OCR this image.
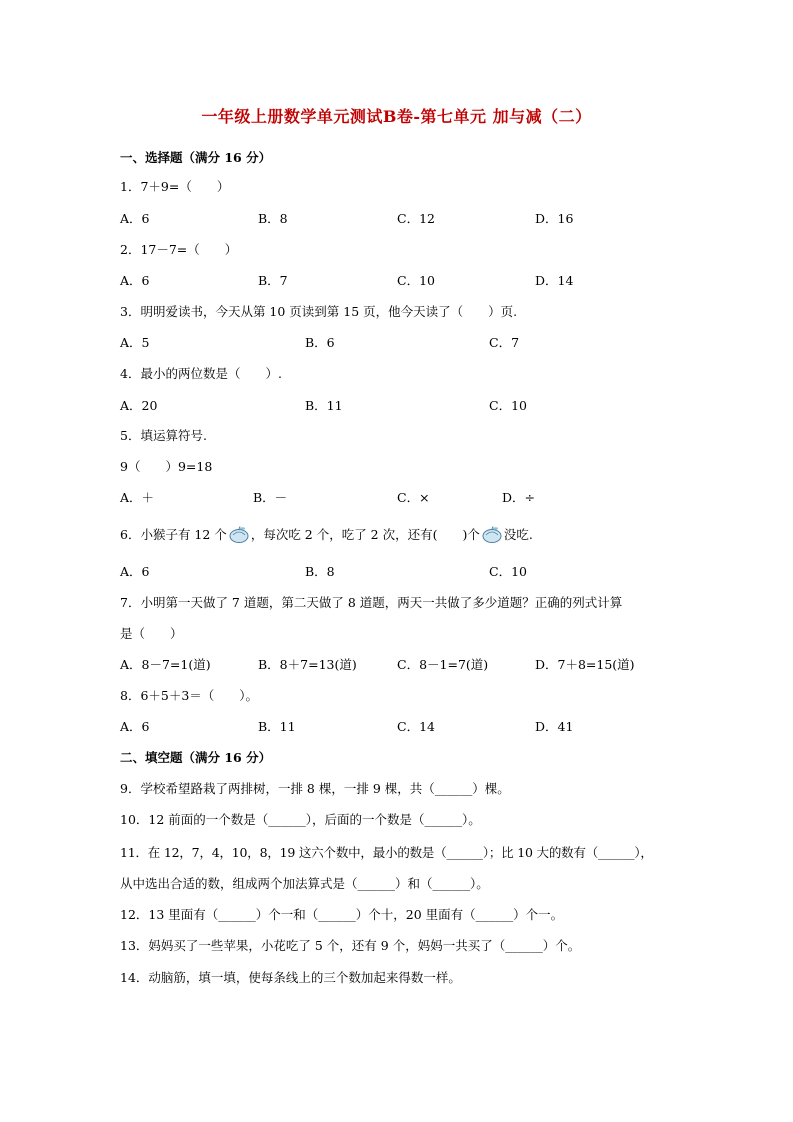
一年级上册数学单元测试B卷-第七单元 加与减（二）
一、选择题（满分 16 分）
1．7＋9=（　　）
A．6	B．8	C．12	D．16
2．17－7=（　　）
A．6	B．7	C．10	D．14
3．明明爱读书，今天从第 10 页读到第 15 页，他今天读了（　　）页.
A．5	B．6	C．7
4．最小的两位数是（　　）.
A．20	B．11	C．10
5．填运算符号.
9（　　）9=18
A．＋	B．－	C．×	D．÷
6．小猴子有 12 个 ，每次吃 2 个，吃了 2 次，还有(　　)个 没吃.
A．6	B．8	C．10
7．小明第一天做了 7 道题，第二天做了 8 道题，两天一共做了多少道题？正确的列式计算
是（　　）
A．8－7=1(道)	B．8＋7=13(道)	C．8－1=7(道)	D．7＋8=15(道)
8．6＋5＋3＝（　　）。
A．6	B．11	C．14	D．41
二、填空题（满分 16 分）
9．学校希望路栽了两排树，一排 8 棵，一排 9 棵，共（______）棵。
10．12 前面的一个数是（______），后面的一个数是（______）。
11．在 12，7，4，10，8，19 这六个数中，最小的数是（______）；比 10 大的数有（______），
从中选出合适的数，组成两个加法算式是（______）和（______）。
12．13 里面有（______）个一和（______）个十，20 里面有（______）个一。
13．妈妈买了一些苹果，小花吃了 5 个，还有 9 个，妈妈一共买了（______）个。
14．动脑筋，填一填，使每条线上的三个数加起来得数一样。
